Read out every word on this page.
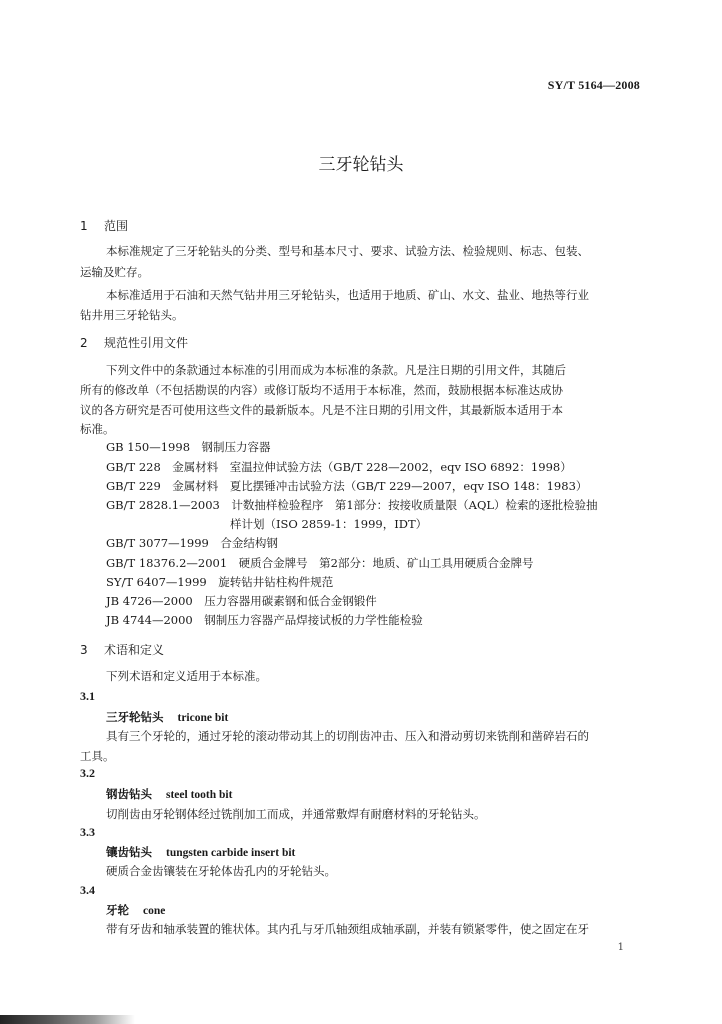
SY/T 5164—2008
三牙轮钻头
1 范围
本标准规定了三牙轮钻头的分类、型号和基本尺寸、要求、试验方法、检验规则、标志、包装、
运输及贮存。
本标准适用于石油和天然气钻井用三牙轮钻头，也适用于地质、矿山、水文、盐业、地热等行业
钻井用三牙轮钻头。
2 规范性引用文件
下列文件中的条款通过本标准的引用而成为本标准的条款。凡是注日期的引用文件，其随后
所有的修改单（不包括勘误的内容）或修订版均不适用于本标准，然而，鼓励根据本标准达成协
议的各方研究是否可使用这些文件的最新版本。凡是不注日期的引用文件，其最新版本适用于本
标准。
GB 150—1998　钢制压力容器
GB/T 228　金属材料　室温拉伸试验方法（GB/T 228—2002，eqv ISO 6892：1998）
GB/T 229　金属材料　夏比摆锤冲击试验方法（GB/T 229—2007，eqv ISO 148：1983）
GB/T 2828.1—2003　计数抽样检验程序　第1部分：按接收质量限（AQL）检索的逐批检验抽
样计划（ISO 2859-1：1999，IDT）
GB/T 3077—1999　合金结构钢
GB/T 18376.2—2001　硬质合金牌号　第2部分：地质、矿山工具用硬质合金牌号
SY/T 6407—1999　旋转钻井钻柱构件规范
JB 4726—2000　压力容器用碳素钢和低合金钢锻件
JB 4744—2000　钢制压力容器产品焊接试板的力学性能检验
3 术语和定义
下列术语和定义适用于本标准。
3.1
三牙轮钻头 tricone bit
具有三个牙轮的，通过牙轮的滚动带动其上的切削齿冲击、压入和滑动剪切来铣削和凿碎岩石的
工具。
3.2
钢齿钻头 steel tooth bit
切削齿由牙轮钢体经过铣削加工而成，并通常敷焊有耐磨材料的牙轮钻头。
3.3
镶齿钻头 tungsten carbide insert bit
硬质合金齿镶装在牙轮体齿孔内的牙轮钻头。
3.4
牙轮 cone
带有牙齿和轴承装置的锥状体。其内孔与牙爪轴颈组成轴承副，并装有锁紧零件，使之固定在牙
1
